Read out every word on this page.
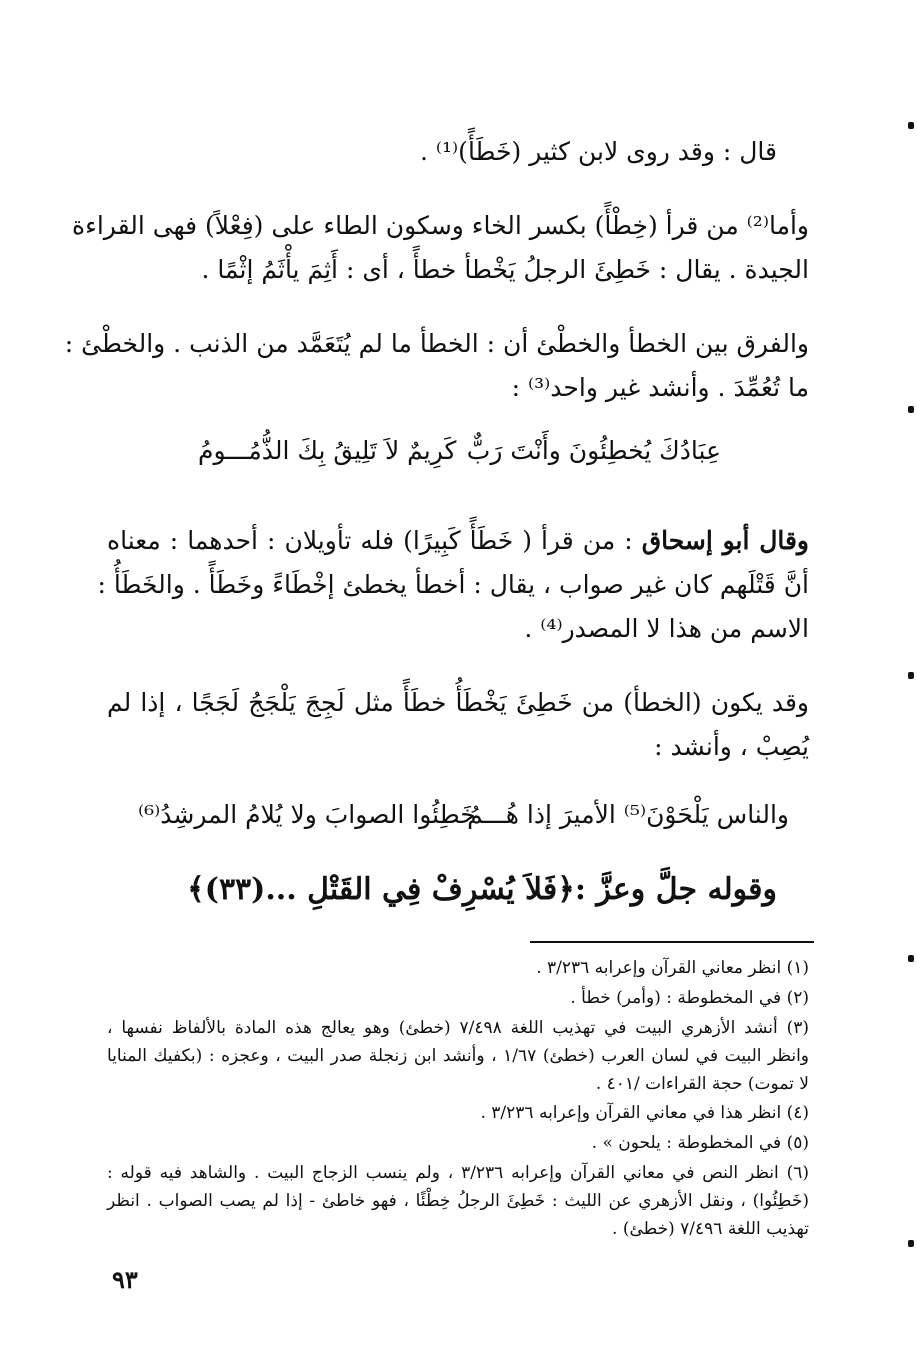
قال : وقد روى لابن كثير (خَطَأً)⁽¹⁾ .
وأما⁽²⁾ من قرأ (خِطْأً) بكسر الخاء وسكون الطاء على (فِعْلاً) فهى القراءة
الجيدة . يقال : خَطِئَ الرجلُ يَخْطأ خطأً ، أى : أَثِمَ يأْثَمُ إثْمًا .
والفرق بين الخطأ والخطْئ أن : الخطأ ما لم يُتَعَمَّد من الذنب . والخطْئ :
ما تُعُمِّدَ . وأنشد غير واحد⁽³⁾ :
عِبَادُكَ يُخطِئُونَ وأَنْتَ رَبٌّ
كَرِيمٌ لاَ تَلِيقُ بِكَ الذُّمُـــومُ
وقال أبو إسحاق : من قرأ ( خَطَأً كَبِيرًا) فله تأويلان : أحدهما : معناه
أنَّ قَتْلَهم كان غير صواب ، يقال : أخطأ يخطئ إخْطَاءً وخَطَأً . والخَطَأُ :
الاسم من هذا لا المصدر⁽⁴⁾ .
وقد يكون (الخطأ) من خَطِئَ يَخْطَأُ خطَأً مثل لَجِجَ يَلْجَجُ لَجَجًا ، إذا لم
يُصِبْ ، وأنشد :
والناس يَلْحَوْنَ⁽⁵⁾ الأميرَ إذا هُـــمُ
خَطِئُوا الصوابَ ولا يُلامُ المرشِدُ⁽⁶⁾
وقوله جلَّ وعزَّ :﴿فَلاَ يُسْرِفْ فِي القَتْلِ ...(٣٣)﴾
(١) انظر معاني القرآن وإعرابه ٣/٢٣٦ .
(٢) في المخطوطة : (وأمر) خطأ .
(٣) أنشد الأزهري البيت في تهذيب اللغة ٧/٤٩٨ (خطئ) وهو يعالج هذه المادة بالألفاظ نفسها ،
وانظر البيت في لسان العرب (خطئ) ١/٦٧ ، وأنشد ابن زنجلة صدر البيت ، وعجزه : (بكفيك المنايا
لا تموت) حجة القراءات /٤٠١ .
(٤) انظر هذا في معاني القرآن وإعرابه ٣/٢٣٦ .
(٥) في المخطوطة : يلحون » .
(٦) انظر النص في معاني القرآن وإعرابه ٣/٢٣٦ ، ولم ينسب الزجاج البيت . والشاهد فيه قوله :
(خَطِئُوا) ، ونقل الأزهري عن الليث : خَطِئَ الرجلُ خِطْئًا ، فهو خاطئ - إذا لم يصب الصواب . انظر
تهذيب اللغة ٧/٤٩٦ (خطئ) .
٩٣
